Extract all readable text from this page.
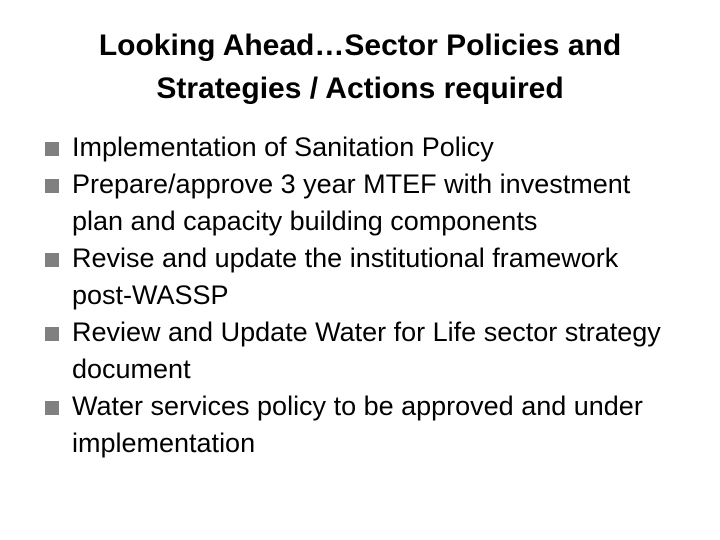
Looking Ahead…Sector Policies and
Strategies / Actions required
Implementation of Sanitation Policy
Prepare/approve 3 year MTEF with investment plan and capacity building components
Revise and update the institutional framework post-WASSP
Review and Update Water for Life sector strategy document
Water services policy to be approved and under implementation
